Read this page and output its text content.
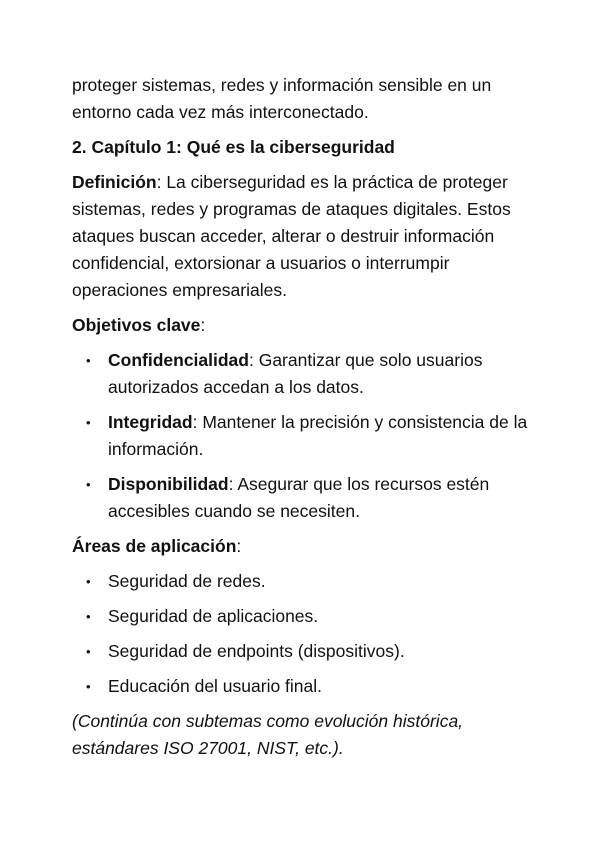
proteger sistemas, redes y información sensible en un entorno cada vez más interconectado.

2. Capítulo 1: Qué es la ciberseguridad

Definición: La ciberseguridad es la práctica de proteger sistemas, redes y programas de ataques digitales. Estos ataques buscan acceder, alterar o destruir información confidencial, extorsionar a usuarios o interrumpir operaciones empresariales.

Objetivos clave:

• Confidencialidad: Garantizar que solo usuarios autorizados accedan a los datos.
• Integridad: Mantener la precisión y consistencia de la información.
• Disponibilidad: Asegurar que los recursos estén accesibles cuando se necesiten.

Áreas de aplicación:

• Seguridad de redes.
• Seguridad de aplicaciones.
• Seguridad de endpoints (dispositivos).
• Educación del usuario final.

(Continúa con subtemas como evolución histórica, estándares ISO 27001, NIST, etc.).
